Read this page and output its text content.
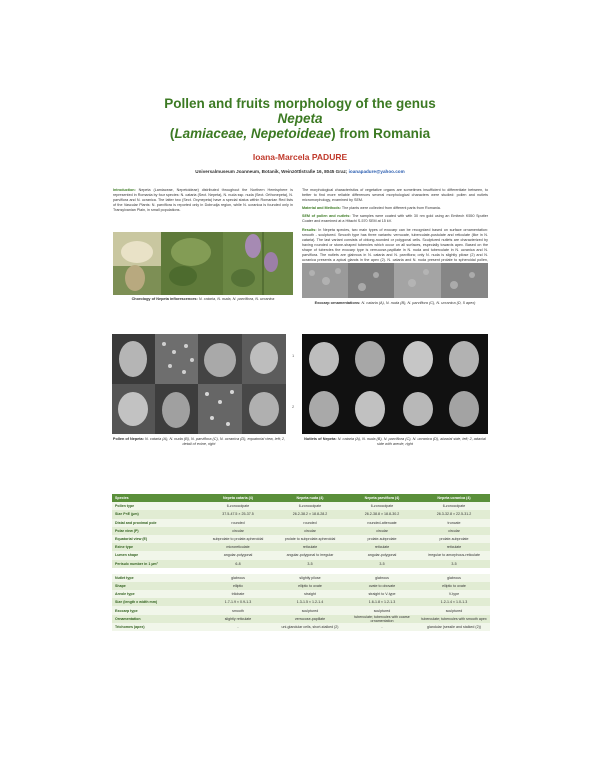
Pollen and fruits morphology of the genus
Nepeta
(Lamiaceae, Nepetoideae) from Romania
Ioana-Marcela PADURE
Universalmuseum Joanneum, Botanik, Weinzöttlstraße 16, 8045 Graz; ioanapadure@yahoo.com
Introduction: Nepeta (Lamiaceae, Nepetoideae) distributed throughout the Northern Hemisphere is represented in Romania by four species: N. cataria (Sect. Nepeta), N. nuda ssp. nuda (Sect. Orthonepeta), N. parviflora and N. ucranica. The latter two (Sect. Oxynepeta) have a special status within Romanian Red lists of the Vascular Plants: N. parviflora is reported only in Dobrudja region, while N. ucranica is founded only in Transylvanian Plain, in small populations.
The morphological characteristics of vegetative organs are sometimes insufficient to differentiate between, to better to find more reliable differences several morphological characters were studied: pollen and nutlets micromorphology, examined by SEM.
Material and Methods: The plants were collected from different parts from Romania.
SEM of pollen and nutlets: The samples were coated with with 30 nm gold using an Emitech K550 Sputter Coater and examined at a Hitachi S-570 SEM at 15 kV.
Results: In Nepeta species, two main types of exocarp can be recognized based on surface ornamentation: smooth - sculptured. Smooth type has three variants: verrucate, tuberculate-pustulate and reticulate (like in N. cataria). The last variant consists of oblong-rounded or polygonal cells. Sculptured nutlets are characterized by having rounded or stone-shaped tubercles which occur on all surfaces, especially towards apex. Based on the shape of tubercles the exocarp type is verrucose-papillate in N. nuda and tuberculate in N. ucranica and N. parviflora. The nutlets are glabrous in N. cataria and N. parviflora; only N. nuda is slightly pilose (2) and N. ucranica presents a apical glands in the apex (2). N. cataria and N. nuda present prolate to spheroidal pollen,
Chorology of Nepeta inflorescences: N. cataria, N. nuda, N. parviflora, N. ucranica
Exocarp ornamentations: N. cataria (A), N. nuda (B), N. parviflora (C), N. ucranica (D, 5 apex)
1
2
Pollen of Nepeta: N. cataria (A), N. nuda (B), N. parviflora (C), N. ucranica (D), equatorial view, left; 2, detail of exine, right
Nutlets of Nepeta: N. cataria (A), N. nuda (B), N. parviflora (C), N. ucranica (D), abaxial side, left; 2, adaxial side with areole, right
Species	Nepeta cataria (4)	Nepeta nuda (4)	Nepeta parviflora (4)	Nepeta ucranica (4)
Pollen type	6-zonocolpate	6-zonocolpate	6-zonocolpate	6-zonocolpate
Size P×E (µm)	37.5-47.5 × 25-37.5	26.2-38.2 × 18.8-28.2	26.2-38.8 × 18.8-30.2	26.3-32.8 × 22.5-31.2
Distal and proximal pole	rounded	rounded	rounded-attenuate	truncate
Polar view (P)	circular	circular	circular	circular
Equatorial view (E)	subprolate to prolate-spheroidal	prolate to subprolate-spheroidal	prolate-subprolate	prolate-subprolate
Exine type	microreticulate	reticulate	reticulate	reticulate
Lumen shape	angular-polygonal	angular-polygonal to irregular	angular-polygonal	irregular to amorphous-reticulate
Perisulc number in 1 µm²	6-8	3-5	3-5	3-5

Nutlet type	glabrous	slightly pilose	glabrous	glabrous
Shape	elliptic	elliptic to ovate	ovate to obovate	elliptic to ovate
Areole type	trilobate	straight	straight to V-type	V-type
Size (length x width mm)	1.7-1.9 × 0.9-1.3	1.3-1.5 × 1.2-1.4	1.6-1.8 × 1.2-1.3	1.2-1.4 × 1.0-1.3
Exocarp type	smooth	sculptured	sculptured	sculptured
Ornamentation	slightly reticulate	verrucose-papillate	tuberculate; tubercules with coarse ornamentation	tuberculate; tubercules with smooth apex
Trichomes (apex)	-	uni-glandular cells, short-stalked (2)	-	glandular (sessile and stalked (2))
